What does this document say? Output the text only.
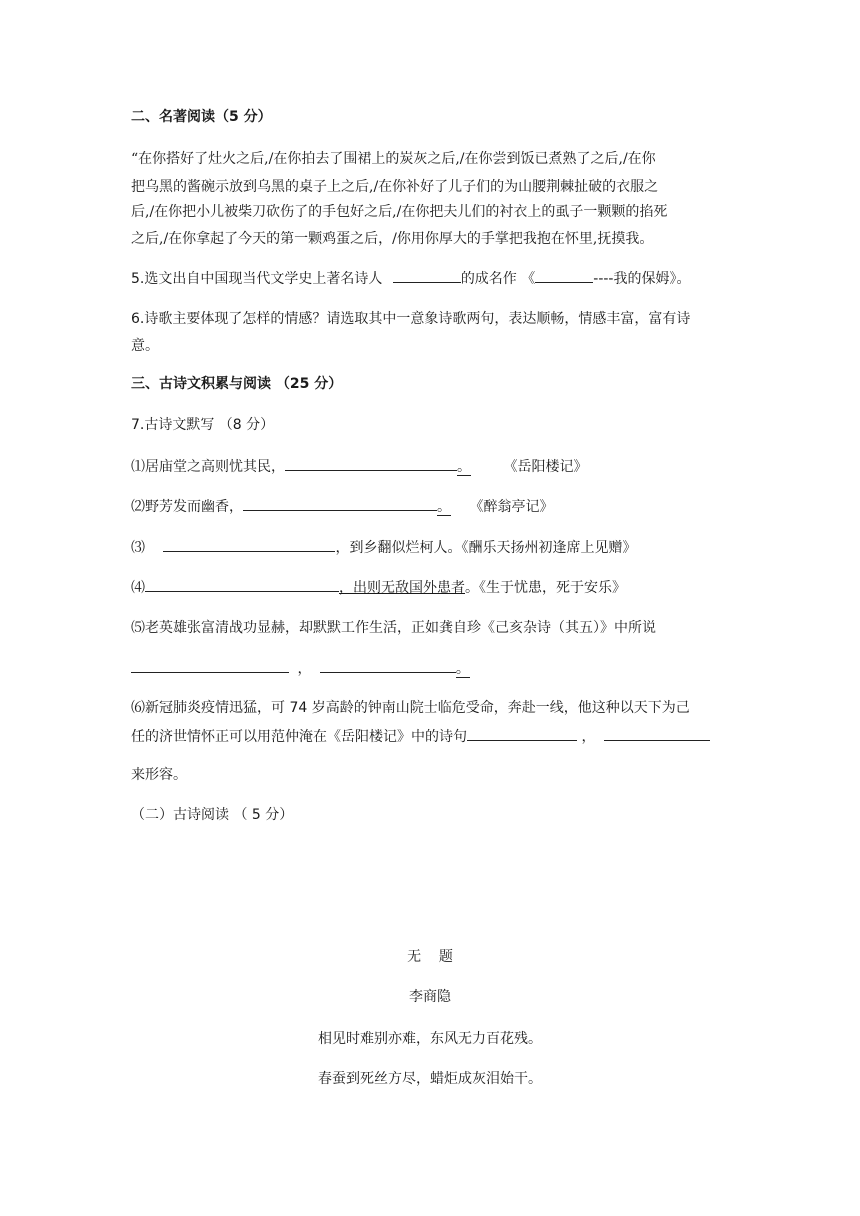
二、名著阅读（5 分）
“在你搭好了灶火之后,/在你拍去了围裙上的炭灰之后,/在你尝到饭已煮熟了之后,/在你
把乌黑的酱碗示放到乌黑的桌子上之后,/在你补好了儿子们的为山腰荆棘扯破的衣服之
后,/在你把小儿被柴刀砍伤了的手包好之后,/在你把夫儿们的衬衣上的虱子一颗颗的掐死
之后,/在你拿起了今天的第一颗鸡蛋之后，/你用你厚大的手掌把我抱在怀里,抚摸我。
5.选文出自中国现当代文学史上著名诗人	的成名作 《	----我的保姆》。
6.诗歌主要体现了怎样的情感？请选取其中一意象诗歌两句，表达顺畅，情感丰富，富有诗
意。
三、古诗文积累与阅读 （25 分）
7.古诗文默写 （8 分）
⑴居庙堂之高则忧其民，	。 《岳阳楼记》
⑵野芳发而幽香，	。 《醉翁亭记》
⑶	，到乡翻似烂柯人。《酬乐天扬州初逢席上见赠》
⑷	，出则无敌国外患者。《生于忧患，死于安乐》
⑸老英雄张富清战功显赫，却默默工作生活，正如龚自珍《己亥杂诗（其五）》中所说
，	。
⑹新冠肺炎疫情迅猛，可 74 岁高龄的钟南山院士临危受命，奔赴一线，他这种以天下为己
任的济世情怀正可以用范仲淹在《岳阳楼记》中的诗句	，
来形容。
（二）古诗阅读 （ 5 分）
无    题
李商隐
相见时难别亦难，东风无力百花残。
春蚕到死丝方尽，蜡炬成灰泪始干。
